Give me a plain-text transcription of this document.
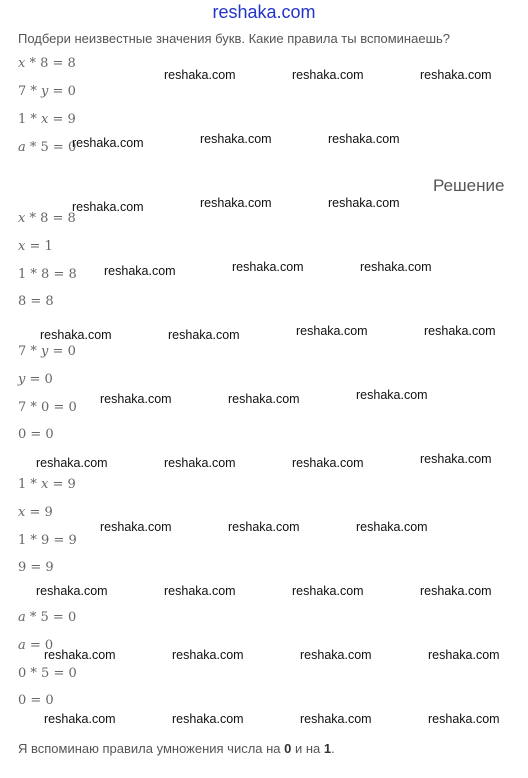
reshaka.com
Подбери неизвестные значения букв. Какие правила ты вспоминаешь?
x * 8 = 8
7 * y = 0
1 * x = 9
a * 5 = 0
Решение
x * 8 = 8
x = 1
1 * 8 = 8
8 = 8
7 * y = 0
y = 0
7 * 0 = 0
0 = 0
1 * x = 9
x = 9
1 * 9 = 9
9 = 9
a * 5 = 0
a = 0
0 * 5 = 0
0 = 0
Я вспоминаю правила умножения числа на 0 и на 1.
reshaka.com	reshaka.com	reshaka.com
reshaka.com	reshaka.com	reshaka.com
reshaka.com	reshaka.com	reshaka.com
reshaka.com	reshaka.com	reshaka.com
reshaka.com	reshaka.com	reshaka.com	reshaka.com
reshaka.com	reshaka.com	reshaka.com
reshaka.com	reshaka.com	reshaka.com	reshaka.com
reshaka.com	reshaka.com	reshaka.com
reshaka.com	reshaka.com	reshaka.com	reshaka.com
reshaka.com	reshaka.com	reshaka.com	reshaka.com
reshaka.com	reshaka.com	reshaka.com	reshaka.com
